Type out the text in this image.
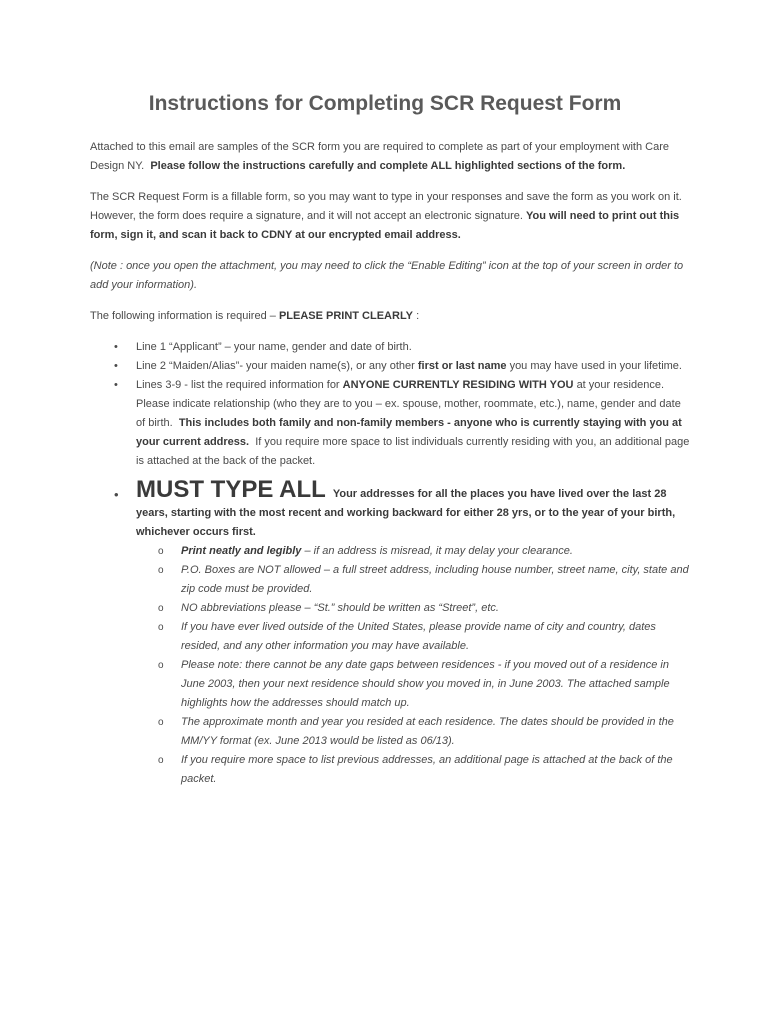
Instructions for Completing SCR Request Form

Attached to this email are samples of the SCR form you are required to complete as part of your employment with Care Design NY. Please follow the instructions carefully and complete ALL highlighted sections of the form.

The SCR Request Form is a fillable form, so you may want to type in your responses and save the form as you work on it. However, the form does require a signature, and it will not accept an electronic signature. You will need to print out this form, sign it, and scan it back to CDNY at our encrypted email address.

(Note : once you open the attachment, you may need to click the “Enable Editing” icon at the top of your screen in order to add your information).

The following information is required – PLEASE PRINT CLEARLY :

• Line 1 “Applicant” – your name, gender and date of birth.
• Line 2 “Maiden/Alias”- your maiden name(s), or any other first or last name you may have used in your lifetime.
• Lines 3-9 - list the required information for ANYONE CURRENTLY RESIDING WITH YOU at your residence. Please indicate relationship (who they are to you – ex. spouse, mother, roommate, etc.), name, gender and date of birth. This includes both family and non-family members - anyone who is currently staying with you at your current address. If you require more space to list individuals currently residing with you, an additional page is attached at the back of the packet.
• MUST TYPE ALL Your addresses for all the places you have lived over the last 28 years, starting with the most recent and working backward for either 28 yrs, or to the year of your birth, whichever occurs first.
o Print neatly and legibly – if an address is misread, it may delay your clearance.
o P.O. Boxes are NOT allowed – a full street address, including house number, street name, city, state and zip code must be provided.
o NO abbreviations please – “St.” should be written as “Street”, etc.
o If you have ever lived outside of the United States, please provide name of city and country, dates resided, and any other information you may have available.
o Please note: there cannot be any date gaps between residences - if you moved out of a residence in June 2003, then your next residence should show you moved in, in June 2003. The attached sample highlights how the addresses should match up.
o The approximate month and year you resided at each residence. The dates should be provided in the MM/YY format (ex. June 2013 would be listed as 06/13).
o If you require more space to list previous addresses, an additional page is attached at the back of the packet.
